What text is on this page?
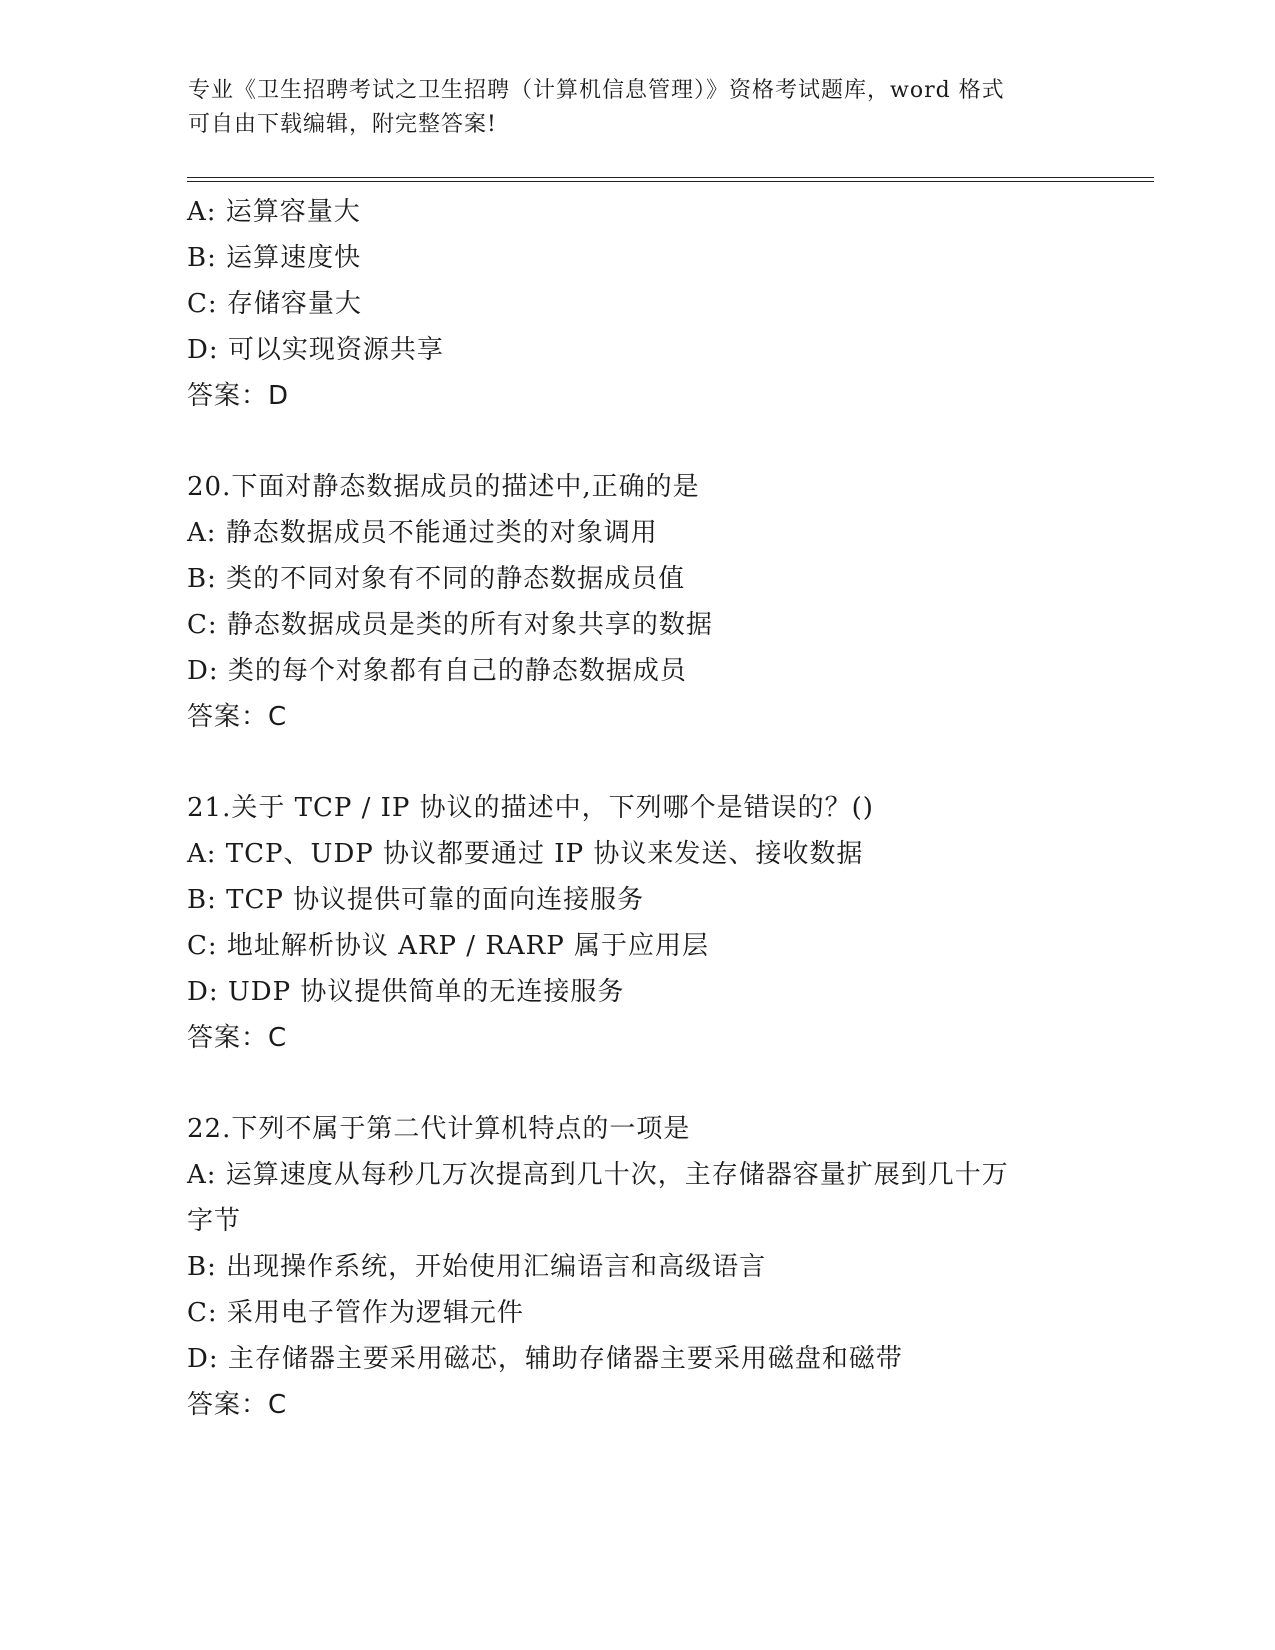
专业《卫生招聘考试之卫生招聘（计算机信息管理）》资格考试题库，word 格式
可自由下载编辑，附完整答案!
A: 运算容量大
B: 运算速度快
C: 存储容量大
D: 可以实现资源共享
答案：D
20.下面对静态数据成员的描述中,正确的是
A: 静态数据成员不能通过类的对象调用
B: 类的不同对象有不同的静态数据成员值
C: 静态数据成员是类的所有对象共享的数据
D: 类的每个对象都有自己的静态数据成员
答案：C
21.关于 TCP / IP 协议的描述中，下列哪个是错误的？()
A: TCP、UDP 协议都要通过 IP 协议来发送、接收数据
B: TCP 协议提供可靠的面向连接服务
C: 地址解析协议 ARP / RARP 属于应用层
D: UDP 协议提供简单的无连接服务
答案：C
22.下列不属于第二代计算机特点的一项是
A: 运算速度从每秒几万次提高到几十次，主存储器容量扩展到几十万
字节
B: 出现操作系统，开始使用汇编语言和高级语言
C: 采用电子管作为逻辑元件
D: 主存储器主要采用磁芯，辅助存储器主要采用磁盘和磁带
答案：C
